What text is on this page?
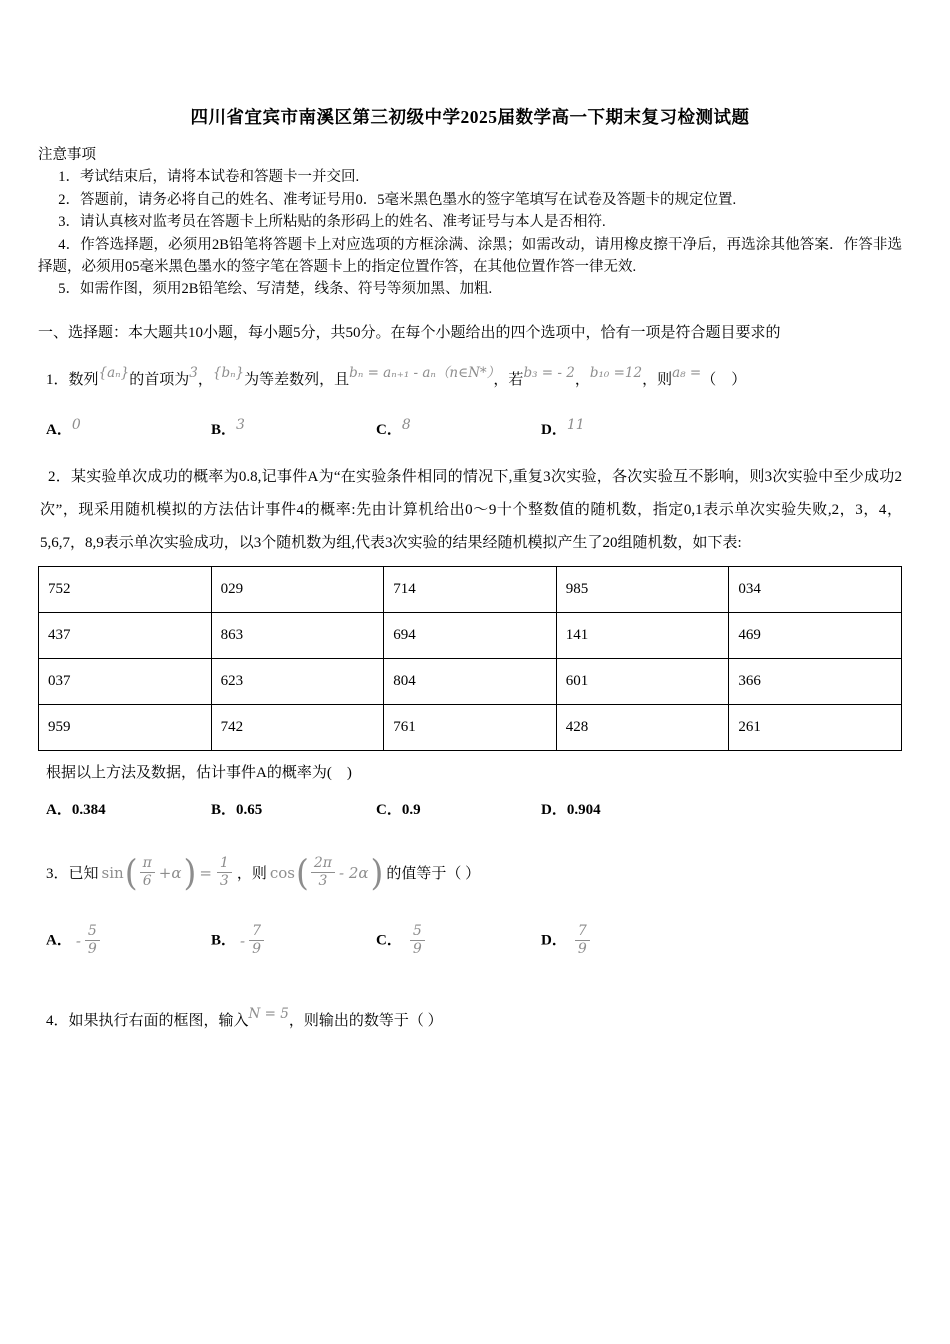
四川省宜宾市南溪区第三初级中学2025届数学高一下期末复习检测试题
注意事项
1．考试结束后，请将本试卷和答题卡一并交回.
2．答题前，请务必将自己的姓名、准考证号用0．5毫米黑色墨水的签字笔填写在试卷及答题卡的规定位置.
3．请认真核对监考员在答题卡上所粘贴的条形码上的姓名、准考证号与本人是否相符.
4．作答选择题，必须用2B铅笔将答题卡上对应选项的方框涂满、涂黑；如需改动，请用橡皮擦干净后，再选涂其他答案．作答非选择题，必须用05毫米黑色墨水的签字笔在答题卡上的指定位置作答，在其他位置作答一律无效.
5．如需作图，须用2B铅笔绘、写清楚，线条、符号等须加黑、加粗.
一、选择题：本大题共10小题，每小题5分，共50分。在每个小题给出的四个选项中，恰有一项是符合题目要求的
1．数列{aₙ}的首项为3，{bₙ}为等差数列，且bₙ = aₙ₊₁ - aₙ（n∈N*），若b₃ = - 2，b₁₀ =12，则a₈ =（　）
A．0	B．3	C．8	D．11
2．某实验单次成功的概率为0.8,记事件A为“在实验条件相同的情况下,重复3次实验，各次实验互不影响，则3次实验中至少成功2次”，现采用随机模拟的方法估计事件4的概率:先由计算机给出0～9十个整数值的随机数，指定0,1表示单次实验失败,2，3，4，5,6,7，8,9表示单次实验成功，以3个随机数为组,代表3次实验的结果经随机模拟产生了20组随机数，如下表:
752	029	714	985	034
437	863	694	141	469
037	623	804	601	366
959	742	761	428	261
根据以上方法及数据，估计事件A的概率为(　)
A．0.384	B．0.65	C．0.9	D．0.904
3． 已知 sin ( $\frac{\pi}{6} +\alpha$ ) = $\frac{1}{3}$ ，则 cos ( $\frac{2\pi}{3} - 2\alpha$ ) 的值等于（ ）
A． - $\frac{5}{9}$	B． - $\frac{7}{9}$	C． $\frac{5}{9}$	D． $\frac{7}{9}$
4．如果执行右面的框图，输入N = 5，则输出的数等于（ ）
